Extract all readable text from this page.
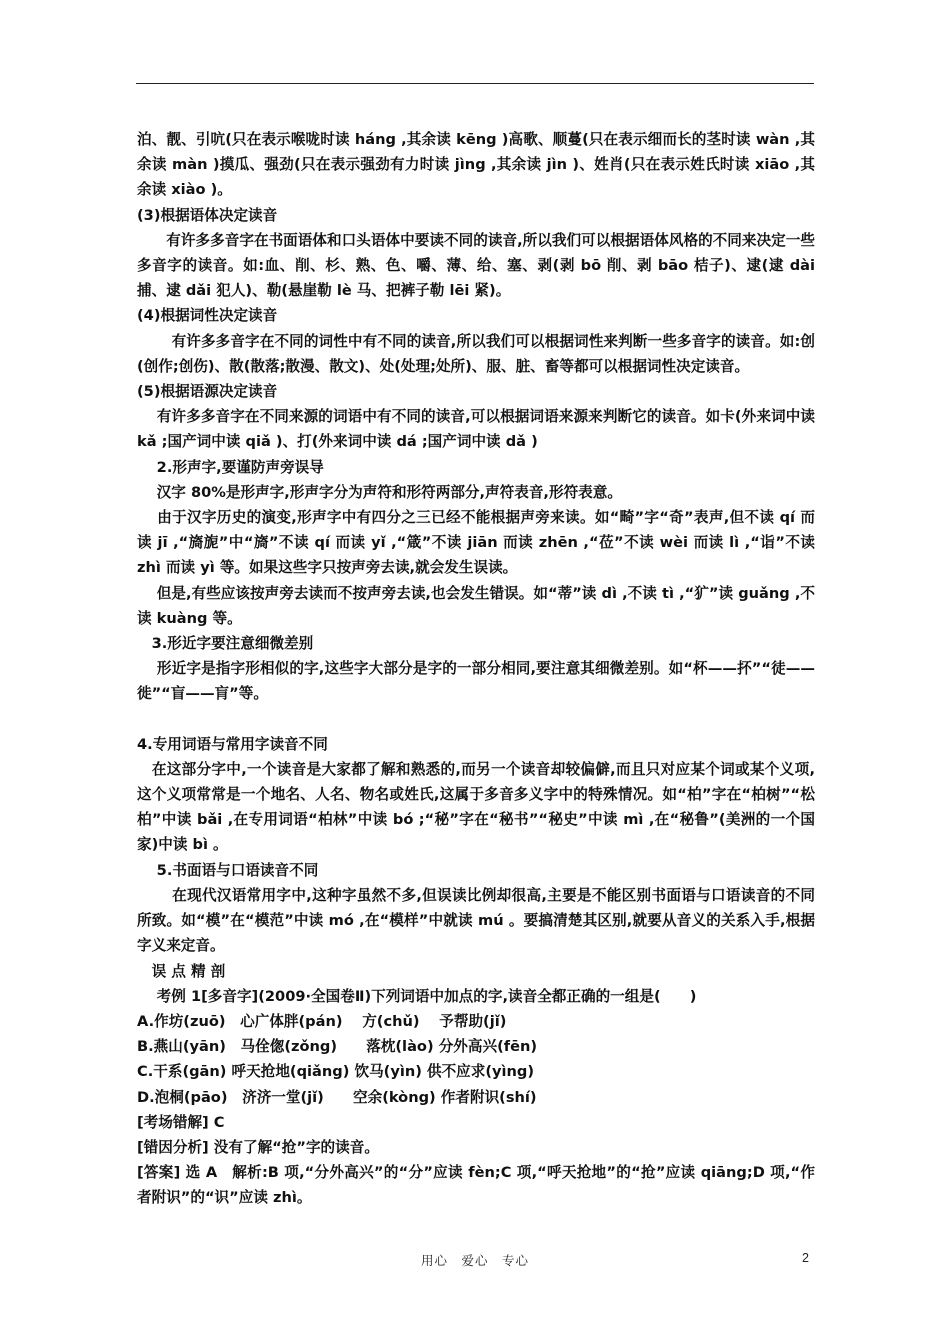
泊、靓、引吭(只在表示喉咙时读 háng ,其余读 kēng )高歌、顺蔓(只在表示细而长的茎时读 wàn ,其余读 màn )摸瓜、强劲(只在表示强劲有力时读 jìng ,其余读 jìn )、姓肖(只在表示姓氏时读 xiāo ,其余读 xiào )。

(3)根据语体决定读音

　　有许多多音字在书面语体和口头语体中要读不同的读音,所以我们可以根据语体风格的不同来决定一些多音字的读音。如:血、削、杉、熟、色、嚼、薄、给、塞、剥(剥 bō 削、剥 bāo 桔子)、逮(逮 dài 捕、逮 dǎi 犯人)、勒(悬崖勒 lè 马、把裤子勒 lēi 紧)。

(4)根据词性决定读音

　　 有许多多音字在不同的词性中有不同的读音,所以我们可以根据词性来判断一些多音字的读音。如:创(创作;创伤)、散(散落;散漫、散文)、处(处理;处所)、服、脏、畜等都可以根据词性决定读音。

(5)根据语源决定读音

　 有许多多音字在不同来源的词语中有不同的读音,可以根据词语来源来判断它的读音。如卡(外来词中读 kǎ ;国产词中读 qiǎ )、打(外来词中读 dá ;国产词中读 dǎ )

　 2.形声字,要谨防声旁误导

　 汉字 80%是形声字,形声字分为声符和形符两部分,声符表音,形符表意。

　 由于汉字历史的演变,形声字中有四分之三已经不能根据声旁来读。如“畸”字“奇”表声,但不读 qí 而读 jī ,“旖旎”中“旖”不读 qí 而读 yǐ ,“箴”不读 jiān 而读 zhēn ,“莅”不读 wèi 而读 lì ,“诣”不读 zhì 而读 yì 等。如果这些字只按声旁去读,就会发生误读。

　 但是,有些应该按声旁去读而不按声旁去读,也会发生错误。如“蒂”读 dì ,不读 tì ,“犷”读 guǎng ,不读 kuàng 等。

　3.形近字要注意细微差别

　 形近字是指字形相似的字,这些字大部分是字的一部分相同,要注意其细微差别。如“杯——抔”“徒——徙”“盲——肓”等。

4.专用词语与常用字读音不同

　在这部分字中,一个读音是大家都了解和熟悉的,而另一个读音却较偏僻,而且只对应某个词或某个义项,这个义项常常是一个地名、人名、物名或姓氏,这属于多音多义字中的特殊情况。如“柏”字在“柏树”“松柏”中读 bǎi ,在专用词语“柏林”中读 bó ;“秘”字在“秘书”“秘史”中读 mì ,在“秘鲁”(美洲的一个国家)中读 bì 。

　 5.书面语与口语读音不同

　　 在现代汉语常用字中,这种字虽然不多,但误读比例却很高,主要是不能区别书面语与口语读音的不同所致。如“模”在“模范”中读 mó ,在“模样”中就读 mú 。要搞清楚其区别,就要从音义的关系入手,根据字义来定音。

　误 点 精 剖

　 考例 1[多音字](2009·全国卷Ⅱ)下列词语中加点的字,读音全都正确的一组是(　　)

A.作坊(zuō)　心广体胖(pán)　 方(chǔ)　 予帮助(jǐ)

B.燕山(yān)　马佺偬(zǒng)　　落枕(lào) 分外高兴(fēn)

C.干系(gān) 呼天抢地(qiǎng) 饮马(yìn) 供不应求(yìng)

D.泡桐(pāo)　济济一堂(jǐ)　　空余(kòng) 作者附识(shí)

[考场错解] C

[错因分析] 没有了解“抢”字的读音。

[答案] 选 A　解析:B 项,“分外高兴”的“分”应读 fèn;C 项,“呼天抢地”的“抢”应读 qiāng;D 项,“作者附识”的“识”应读 zhì。

用心　爱心　专心	2
